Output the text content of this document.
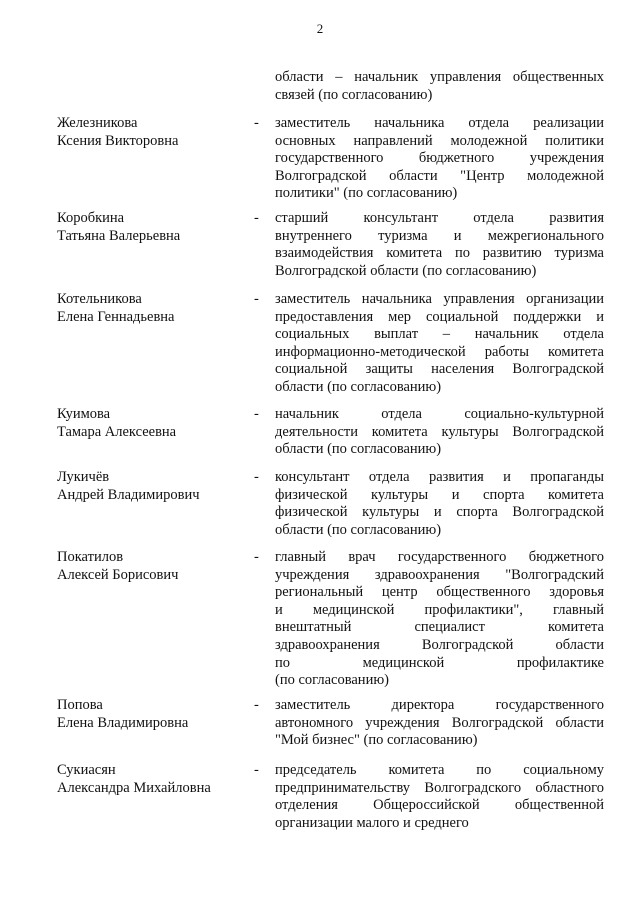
2
области – начальник управления общественных
связей (по согласованию)
Железникова
Ксения Викторовна
- заместитель начальника отдела реализации
основных направлений молодежной политики
государственного бюджетного учреждения
Волгоградской области "Центр молодежной
политики" (по согласованию)
Коробкина
Татьяна Валерьевна
- старший консультант отдела развития
внутреннего туризма и межрегионального
взаимодействия комитета по развитию туризма
Волгоградской области (по согласованию)
Котельникова
Елена Геннадьевна
- заместитель начальника управления организации
предоставления мер социальной поддержки и
социальных выплат – начальник отдела
информационно-методической работы комитета
социальной защиты населения Волгоградской
области (по согласованию)
Куимова
Тамара Алексеевна
- начальник отдела социально-культурной
деятельности комитета культуры Волгоградской
области (по согласованию)
Лукичёв
Андрей Владимирович
- консультант отдела развития и пропаганды
физической культуры и спорта комитета
физической культуры и спорта Волгоградской
области (по согласованию)
Покатилов
Алексей Борисович
- главный врач государственного бюджетного
учреждения здравоохранения "Волгоградский
региональный центр общественного здоровья
и медицинской профилактики", главный
внештатный специалист комитета
здравоохранения Волгоградской области
по медицинской профилактике
(по согласованию)
Попова
Елена Владимировна
- заместитель директора государственного
автономного учреждения Волгоградской области
"Мой бизнес" (по согласованию)
Сукиасян
Александра Михайловна
- председатель комитета по социальному
предпринимательству Волгоградского областного
отделения Общероссийской общественной
организации малого и среднего
